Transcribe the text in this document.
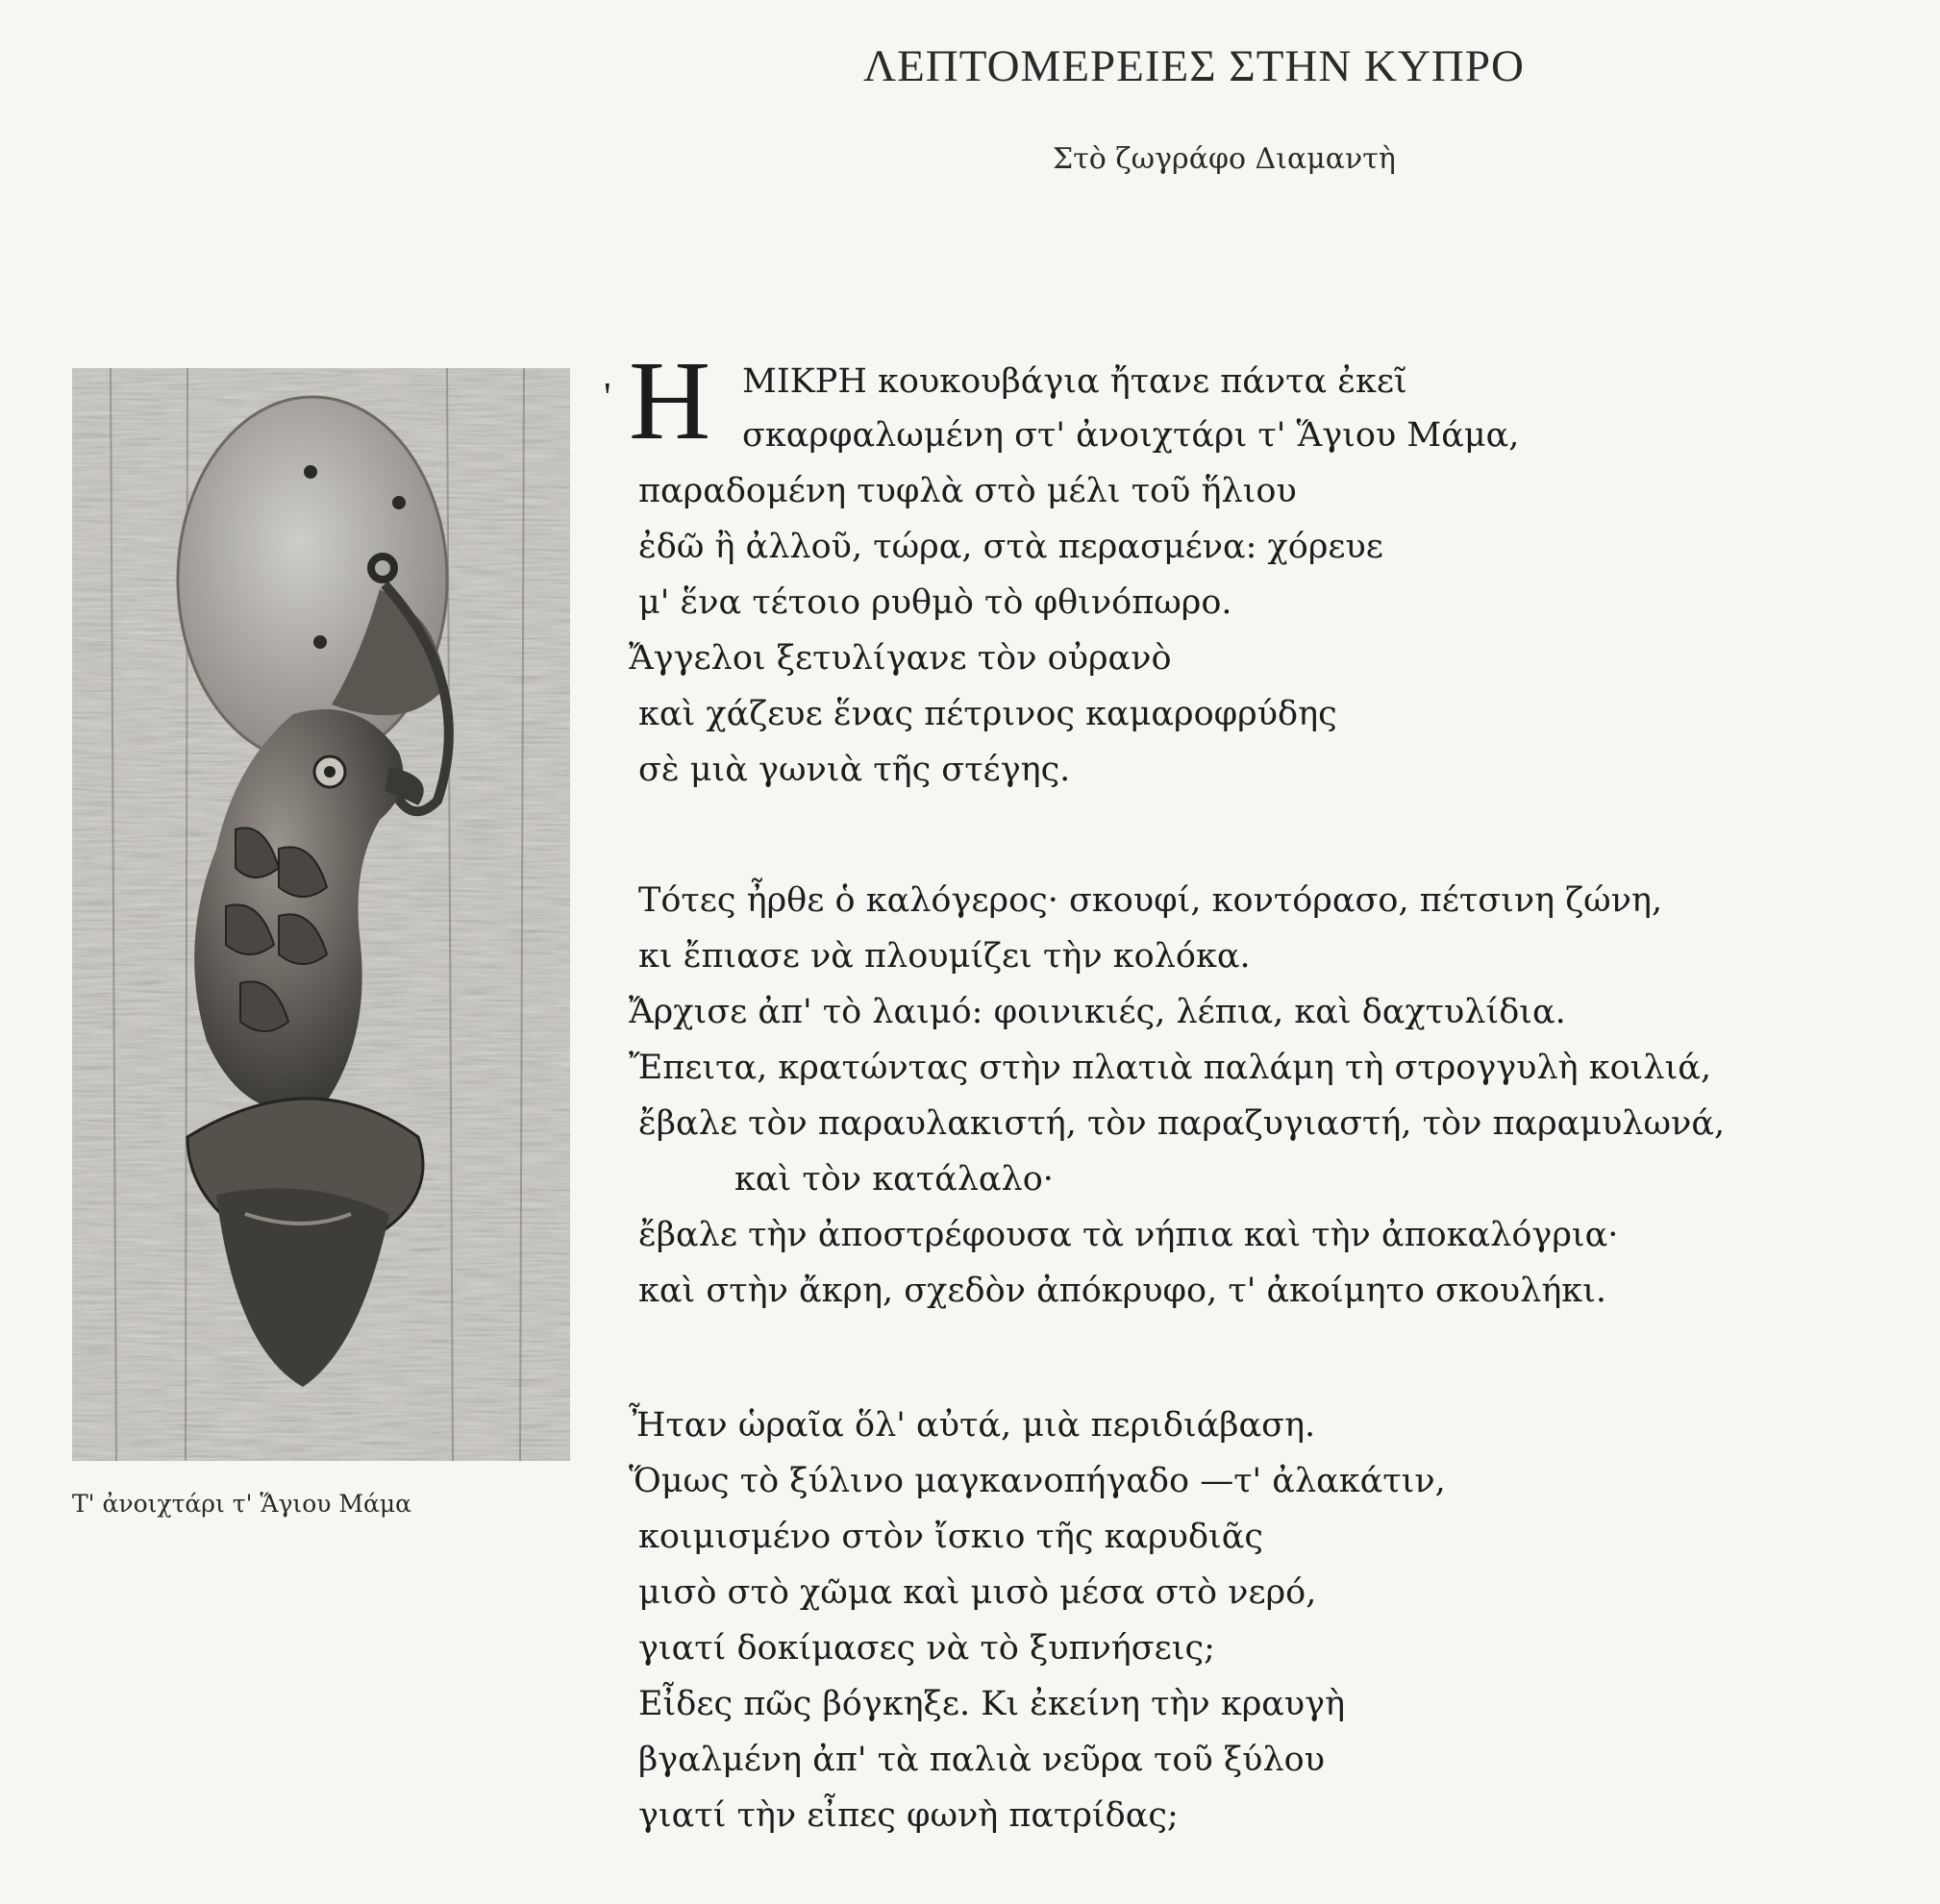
ΛΕΠΤΟΜΕΡΕΙΕΣ ΣΤΗΝ ΚΥΠΡΟ
Στὸ ζωγράφο Διαμαντὴ
Τ' ἀνοιχτάρι τ' Ἅγιου Μάμα
' Η ΜΙΚΡΗ κουκουβάγια ἤτανε πάντα ἐκεῖ
σκαρφαλωμένη στ' ἀνοιχτάρι τ' Ἅγιου Μάμα,
παραδομένη τυφλὰ στὸ μέλι τοῦ ἥλιου
ἐδῶ ἢ ἀλλοῦ, τώρα, στὰ περασμένα: χόρευε
μ' ἕνα τέτοιο ρυθμὸ τὸ φθινόπωρο.
Ἄγγελοι ξετυλίγανε τὸν οὐρανὸ
καὶ χάζευε ἕνας πέτρινος καμαροφρύδης
σὲ μιὰ γωνιὰ τῆς στέγης.
Τότες ἦρθε ὁ καλόγερος· σκουφί, κοντόρασο, πέτσινη ζώνη,
κι ἔπιασε νὰ πλουμίζει τὴν κολόκα.
Ἄρχισε ἀπ' τὸ λαιμό: φοινικιές, λέπια, καὶ δαχτυλίδια.
Ἔπειτα, κρατώντας στὴν πλατιὰ παλάμη τὴ στρογγυλὴ κοιλιά,
ἔβαλε τὸν παραυλακιστή, τὸν παραζυγιαστή, τὸν παραμυλωνά,
καὶ τὸν κατάλαλο·
ἔβαλε τὴν ἀποστρέφουσα τὰ νήπια καὶ τὴν ἀποκαλόγρια·
καὶ στὴν ἄκρη, σχεδὸν ἀπόκρυφο, τ' ἀκοίμητο σκουλήκι.
Ἦταν ὡραῖα ὅλ' αὐτά, μιὰ περιδιάβαση.
Ὅμως τὸ ξύλινο μαγκανοπήγαδο —τ' ἀλακάτιν,
κοιμισμένο στὸν ἴσκιο τῆς καρυδιᾶς
μισὸ στὸ χῶμα καὶ μισὸ μέσα στὸ νερό,
γιατί δοκίμασες νὰ τὸ ξυπνήσεις;
Εἶδες πῶς βόγκηξε. Κι ἐκείνη τὴν κραυγὴ
βγαλμένη ἀπ' τὰ παλιὰ νεῦρα τοῦ ξύλου
γιατί τὴν εἶπες φωνὴ πατρίδας;
